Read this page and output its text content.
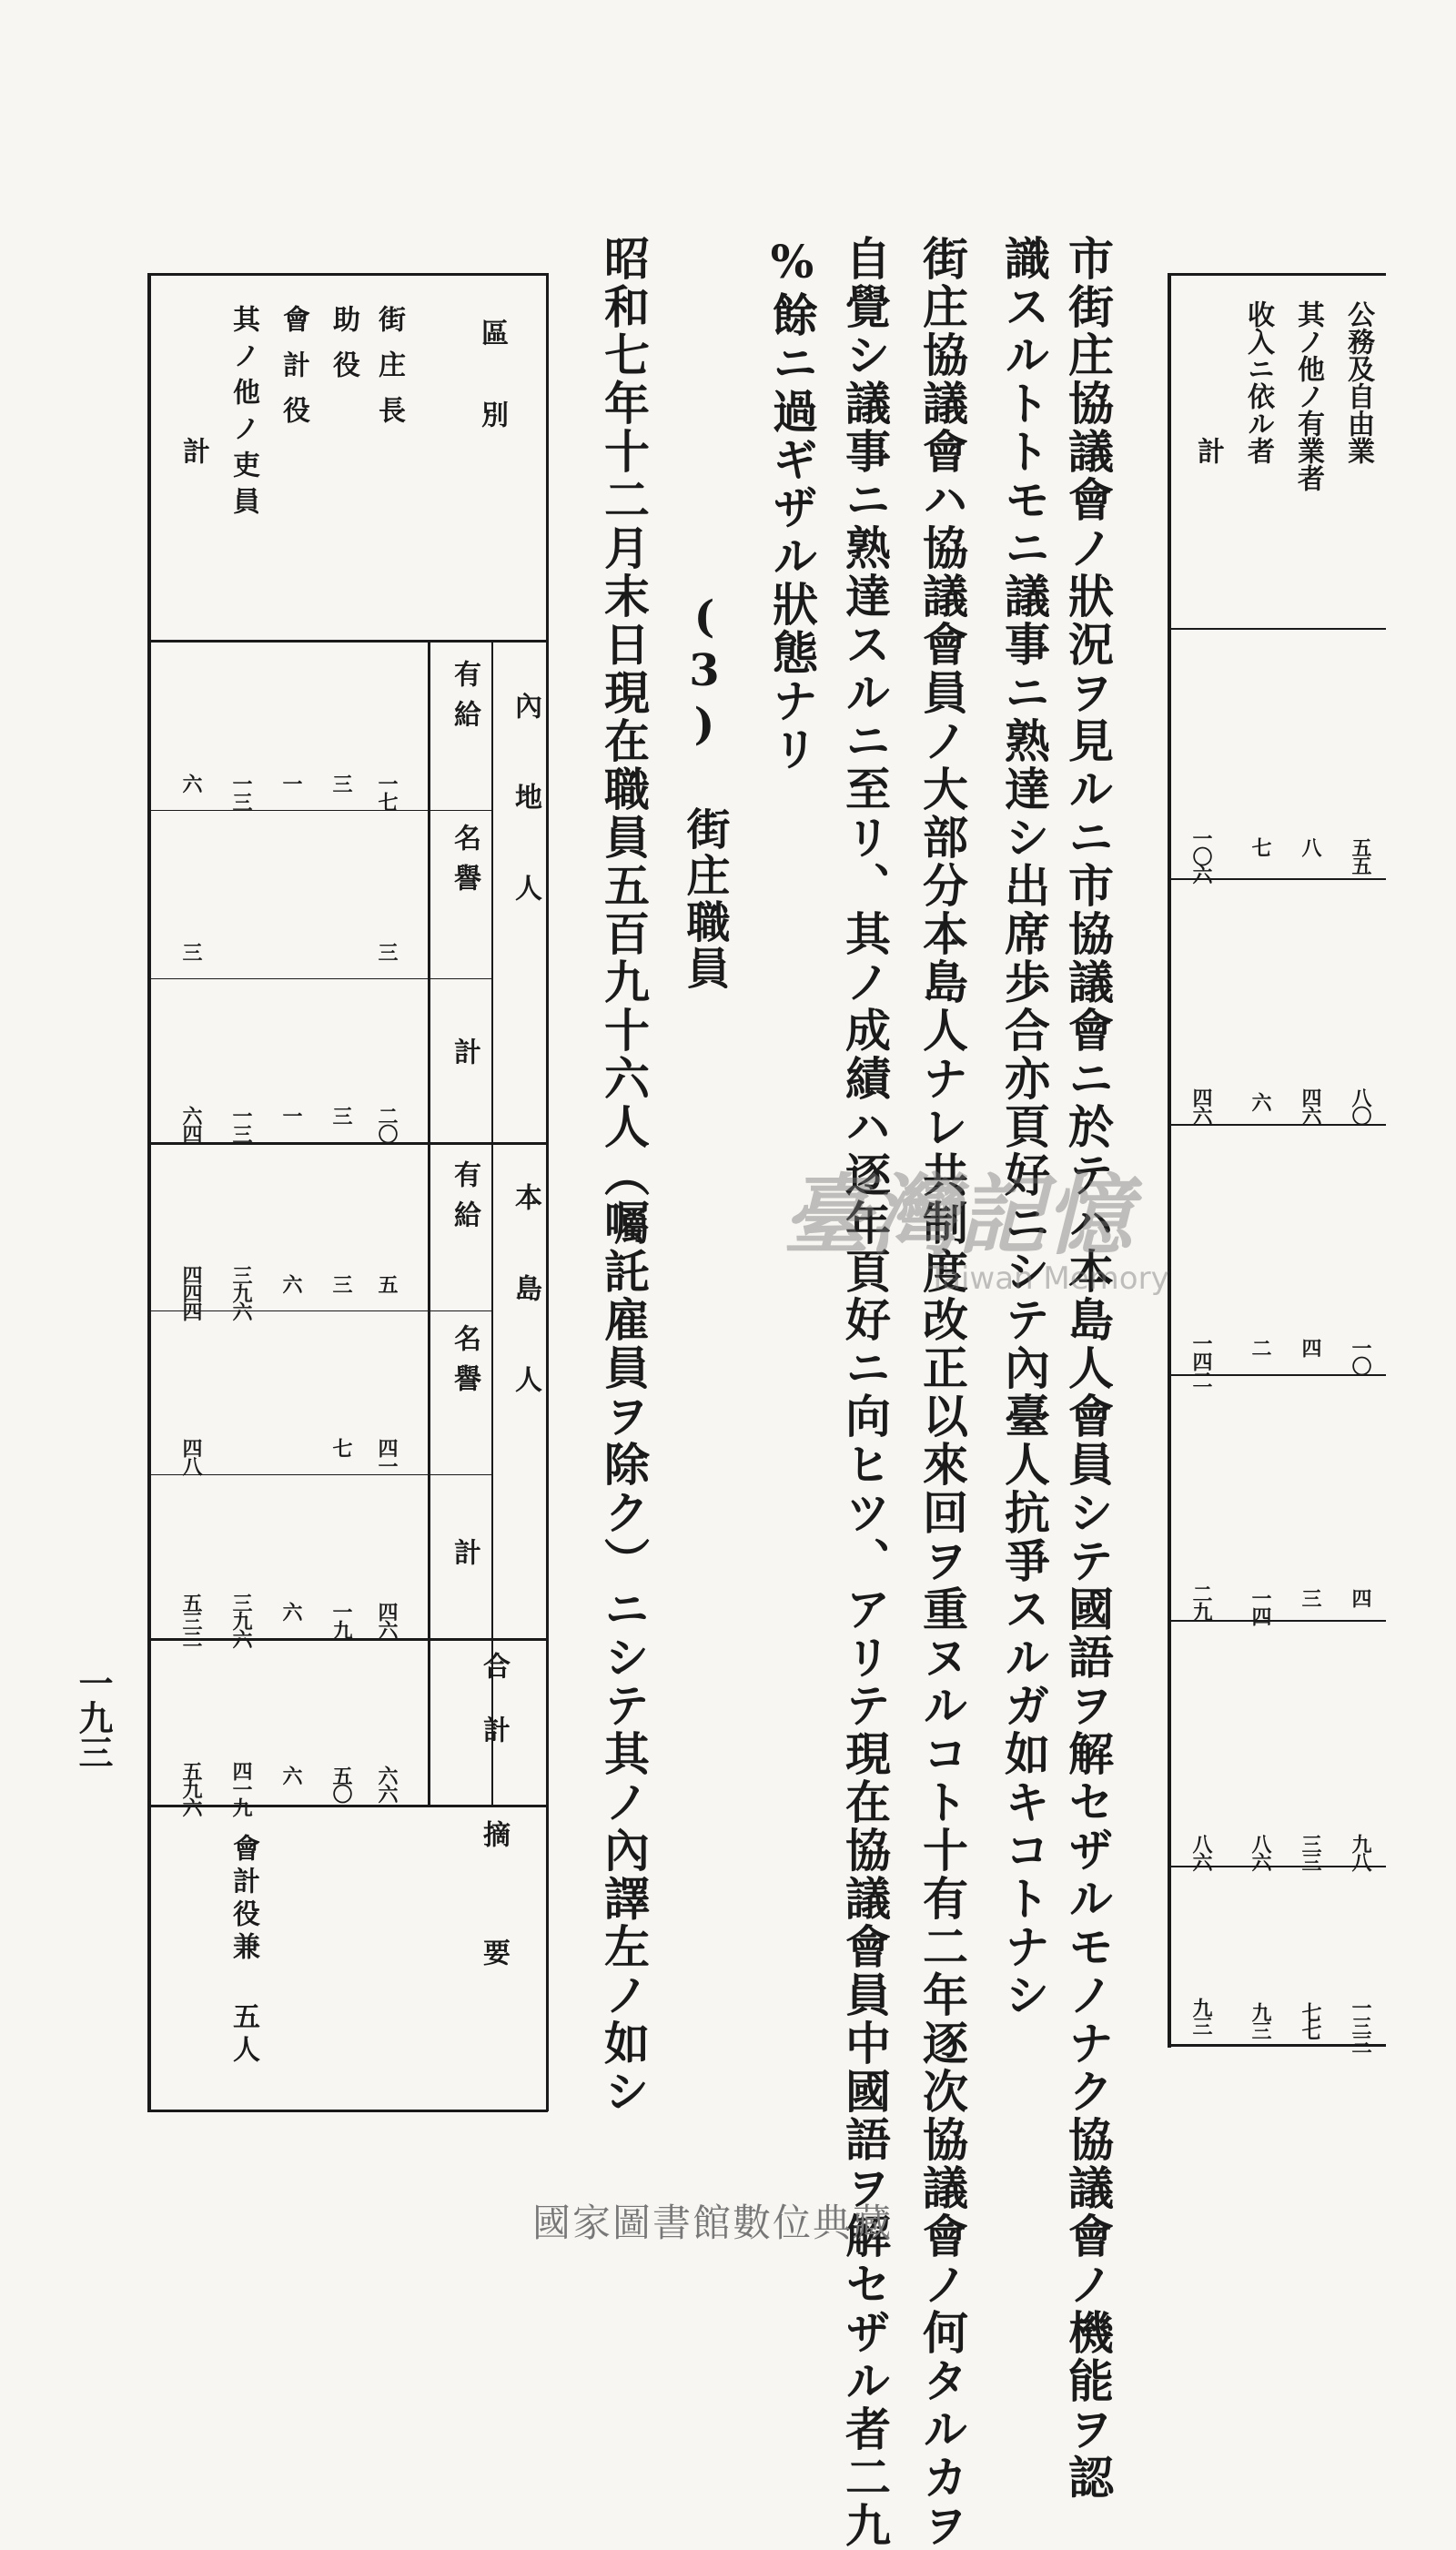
公務及自由業
其ノ他ノ有業者
收入ニ依ル者
計
五五
八
七
一〇六
八〇
四六
六
四六
一〇
四
二
一四二
四
三
一四
二九
九八
三三
八六
八六
一三三
七七
九三
九三
市街庄協議會ノ狀況ヲ見ルニ市協議會ニ於テハ本島人會員シテ國語ヲ解セザルモノナク協議會ノ機能ヲ認
識スルトトモニ議事ニ熟達シ出席歩合亦頁好ニシテ內臺人抗爭スルガ如キコトナシ
街庄協議會ハ協議會員ノ大部分本島人ナレ共制度改正以來回ヲ重ヌルコト十有二年逐次協議會ノ何タルカヲ
自覺シ議事ニ熟達スルニ至リ、其ノ成績ハ逐年頁好ニ向ヒツ、アリテ現在協議會員中國語ヲ解セザル者二九
%餘ニ過ギザル狀態ナリ
(3) 街庄職員
昭和七年十二月末日現在職員五百九十六人（囑託雇員ヲ除ク）ニシテ其ノ內譯左ノ如シ 臺灣記憶
Taiwan Memory
區別
街庄長
助役
會計役
其ノ他ノ吏員
計
內地人
本島人
合計
摘要
有給
名譽
計
有給
名譽
計
一七
三
一
一三
六
三
三
二〇
三
一
一三
六四
五
三
六
三九六
四四四
四一
七
四八
四六
一九
六
三九六
五三二
六六
五〇
六
四一九
五九六
會計役兼 五人
一九三
國家圖書館數位典藏
